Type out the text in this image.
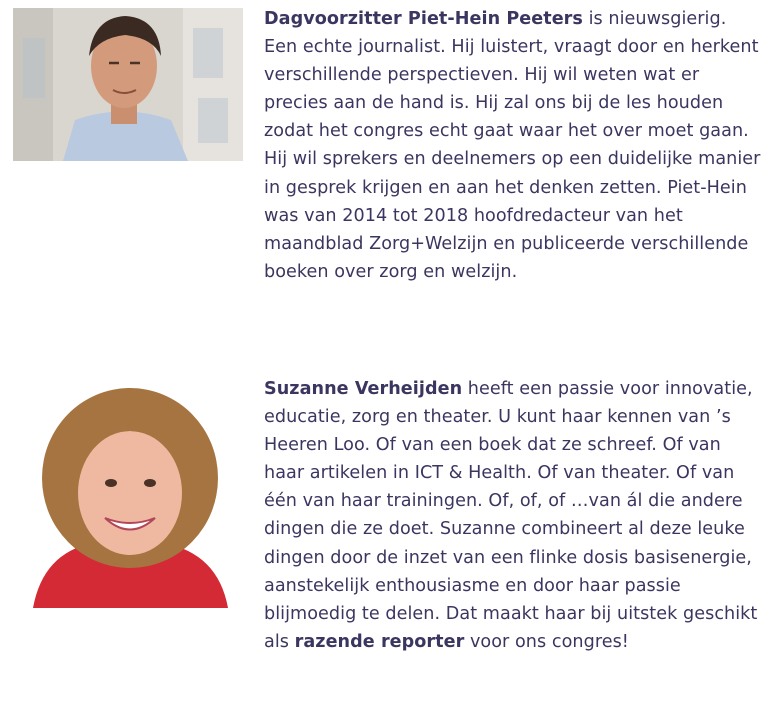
Dagvoorzitter Piet-Hein Peeters is nieuwsgierig. Een echte journalist. Hij luistert, vraagt door en herkent verschillende perspectieven. Hij wil weten wat er precies aan de hand is. Hij zal ons bij de les houden zodat het congres echt gaat waar het over moet gaan. Hij wil sprekers en deelnemers op een duidelijke manier in gesprek krijgen en aan het denken zetten. Piet-Hein was van 2014 tot 2018 hoofdredacteur van het maandblad Zorg+Welzijn en publiceerde verschillende boeken over zorg en welzijn.

Suzanne Verheijden heeft een passie voor innovatie, educatie, zorg en theater. U kunt haar kennen van ’s Heeren Loo. Of van een boek dat ze schreef. Of van haar artikelen in ICT & Health. Of van theater. Of van één van haar trainingen. Of, of, of …van ál die andere dingen die ze doet. Suzanne combineert al deze leuke dingen door de inzet van een flinke dosis basisenergie, aanstekelijk enthousiasme en door haar passie blijmoedig te delen. Dat maakt haar bij uitstek geschikt als razende reporter voor ons congres!
